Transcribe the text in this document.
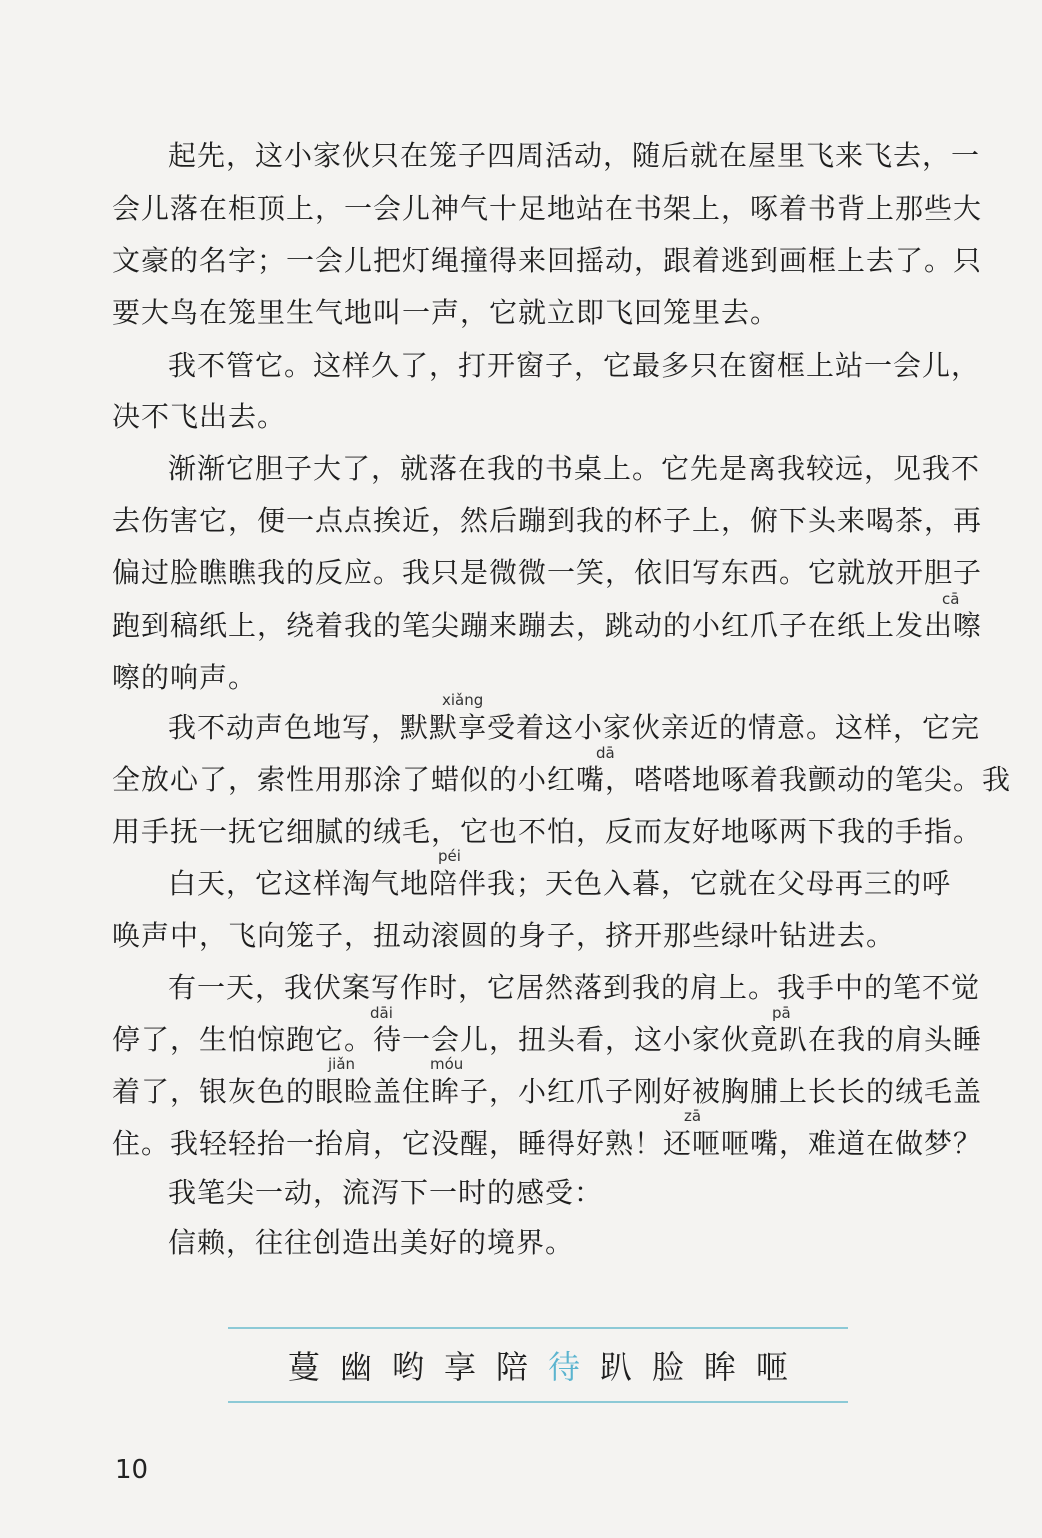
起先，这小家伙只在笼子四周活动，随后就在屋里飞来飞去，一
会儿落在柜顶上，一会儿神气十足地站在书架上，啄着书背上那些大
文豪的名字；一会儿把灯绳撞得来回摇动，跟着逃到画框上去了。只
要大鸟在笼里生气地叫一声，它就立即飞回笼里去。
我不管它。这样久了，打开窗子，它最多只在窗框上站一会儿，
决不飞出去。
渐渐它胆子大了，就落在我的书桌上。它先是离我较远，见我不
去伤害它，便一点点挨近，然后蹦到我的杯子上，俯下头来喝茶，再
偏过脸瞧瞧我的反应。我只是微微一笑，依旧写东西。它就放开胆子
cā
跑到稿纸上，绕着我的笔尖蹦来蹦去，跳动的小红爪子在纸上发出嚓
嚓的响声。
xiǎng
我不动声色地写，默默享受着这小家伙亲近的情意。这样，它完
dā
全放心了，索性用那涂了蜡似的小红嘴，嗒嗒地啄着我颤动的笔尖。我
用手抚一抚它细腻的绒毛，它也不怕，反而友好地啄两下我的手指。
péi
白天，它这样淘气地陪伴我；天色入暮，它就在父母再三的呼
唤声中，飞向笼子，扭动滚圆的身子，挤开那些绿叶钻进去。
有一天，我伏案写作时，它居然落到我的肩上。我手中的笔不觉
dāi	pā
停了，生怕惊跑它。待一会儿，扭头看，这小家伙竟趴在我的肩头睡
jiǎn	móu
着了，银灰色的眼睑盖住眸子，小红爪子刚好被胸脯上长长的绒毛盖
zā
住。我轻轻抬一抬肩，它没醒，睡得好熟！还咂咂嘴，难道在做梦？
我笔尖一动，流泻下一时的感受：
信赖，往往创造出美好的境界。
蔓 幽 哟 享 陪 待 趴 脸 眸 咂
10
